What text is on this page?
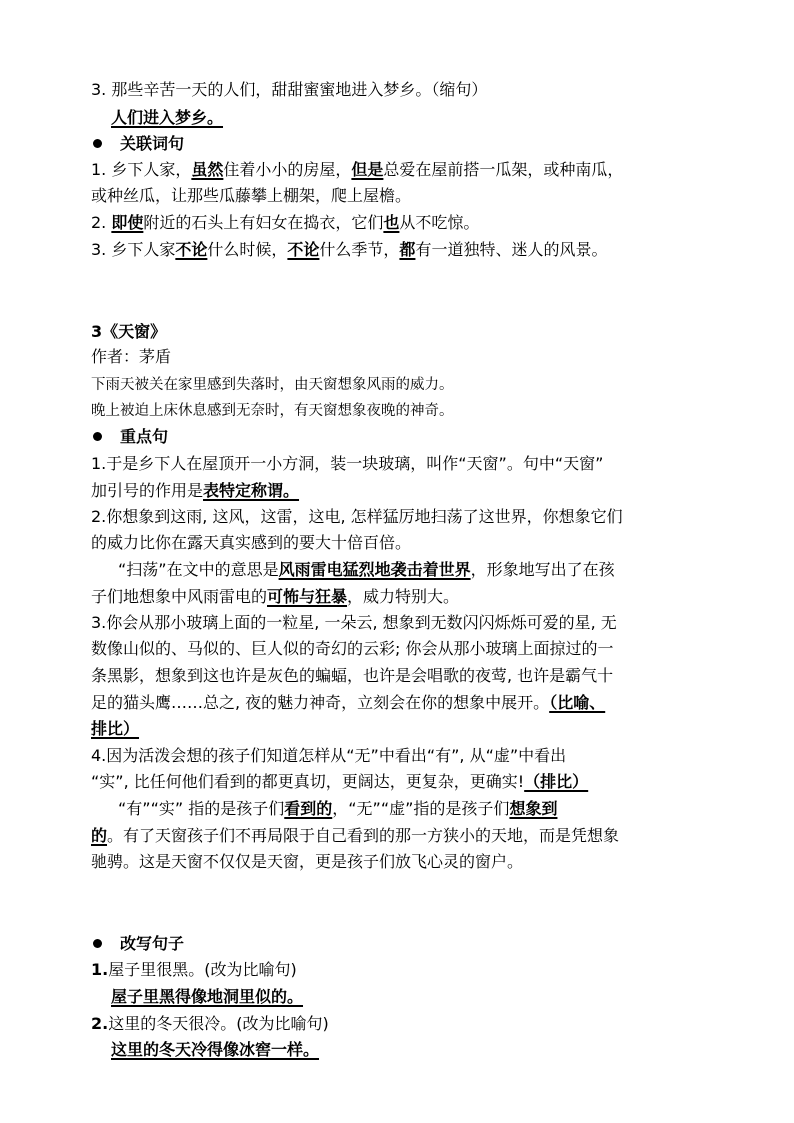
3. 那些辛苦一天的人们，甜甜蜜蜜地进入梦乡。（缩句）
人们进入梦乡。
关联词句
1. 乡下人家，虽然住着小小的房屋，但是总爱在屋前搭一瓜架，或种南瓜，
或种丝瓜，让那些瓜藤攀上棚架，爬上屋檐。
2. 即使附近的石头上有妇女在捣衣，它们也从不吃惊。
3. 乡下人家不论什么时候，不论什么季节，都有一道独特、迷人的风景。
3《天窗》
作者：茅盾
下雨天被关在家里感到失落时，由天窗想象风雨的威力。
晚上被迫上床休息感到无奈时，有天窗想象夜晚的神奇。
重点句
1.于是乡下人在屋顶开一小方洞，装一块玻璃，叫作“天窗”。句中“天窗”
加引号的作用是表特定称谓。
2.你想象到这雨, 这风，这雷，这电, 怎样猛厉地扫荡了这世界，你想象它们
的威力比你在露天真实感到的要大十倍百倍。
“扫荡”在文中的意思是风雨雷电猛烈地袭击着世界，形象地写出了在孩
子们地想象中风雨雷电的可怖与狂暴，威力特别大。
3.你会从那小玻璃上面的一粒星, 一朵云, 想象到无数闪闪烁烁可爱的星, 无
数像山似的、马似的、巨人似的奇幻的云彩; 你会从那小玻璃上面掠过的一
条黑影，想象到这也许是灰色的蝙蝠，也许是会唱歌的夜莺, 也许是霸气十
足的猫头鹰……总之, 夜的魅力神奇，立刻会在你的想象中展开。（比喻、
排比）
4.因为活泼会想的孩子们知道怎样从“无”中看出“有”, 从“虚”中看出
“实”, 比任何他们看到的都更真切，更阔达，更复杂，更确实!（排比）
“有”“实” 指的是孩子们看到的，“无”“虚”指的是孩子们想象到
的。有了天窗孩子们不再局限于自己看到的那一方狭小的天地，而是凭想象
驰骋。这是天窗不仅仅是天窗，更是孩子们放飞心灵的窗户。
改写句子
1.屋子里很黑。(改为比喻句)
屋子里黑得像地洞里似的。
2.这里的冬天很冷。(改为比喻句)
这里的冬天冷得像冰窖一样。
